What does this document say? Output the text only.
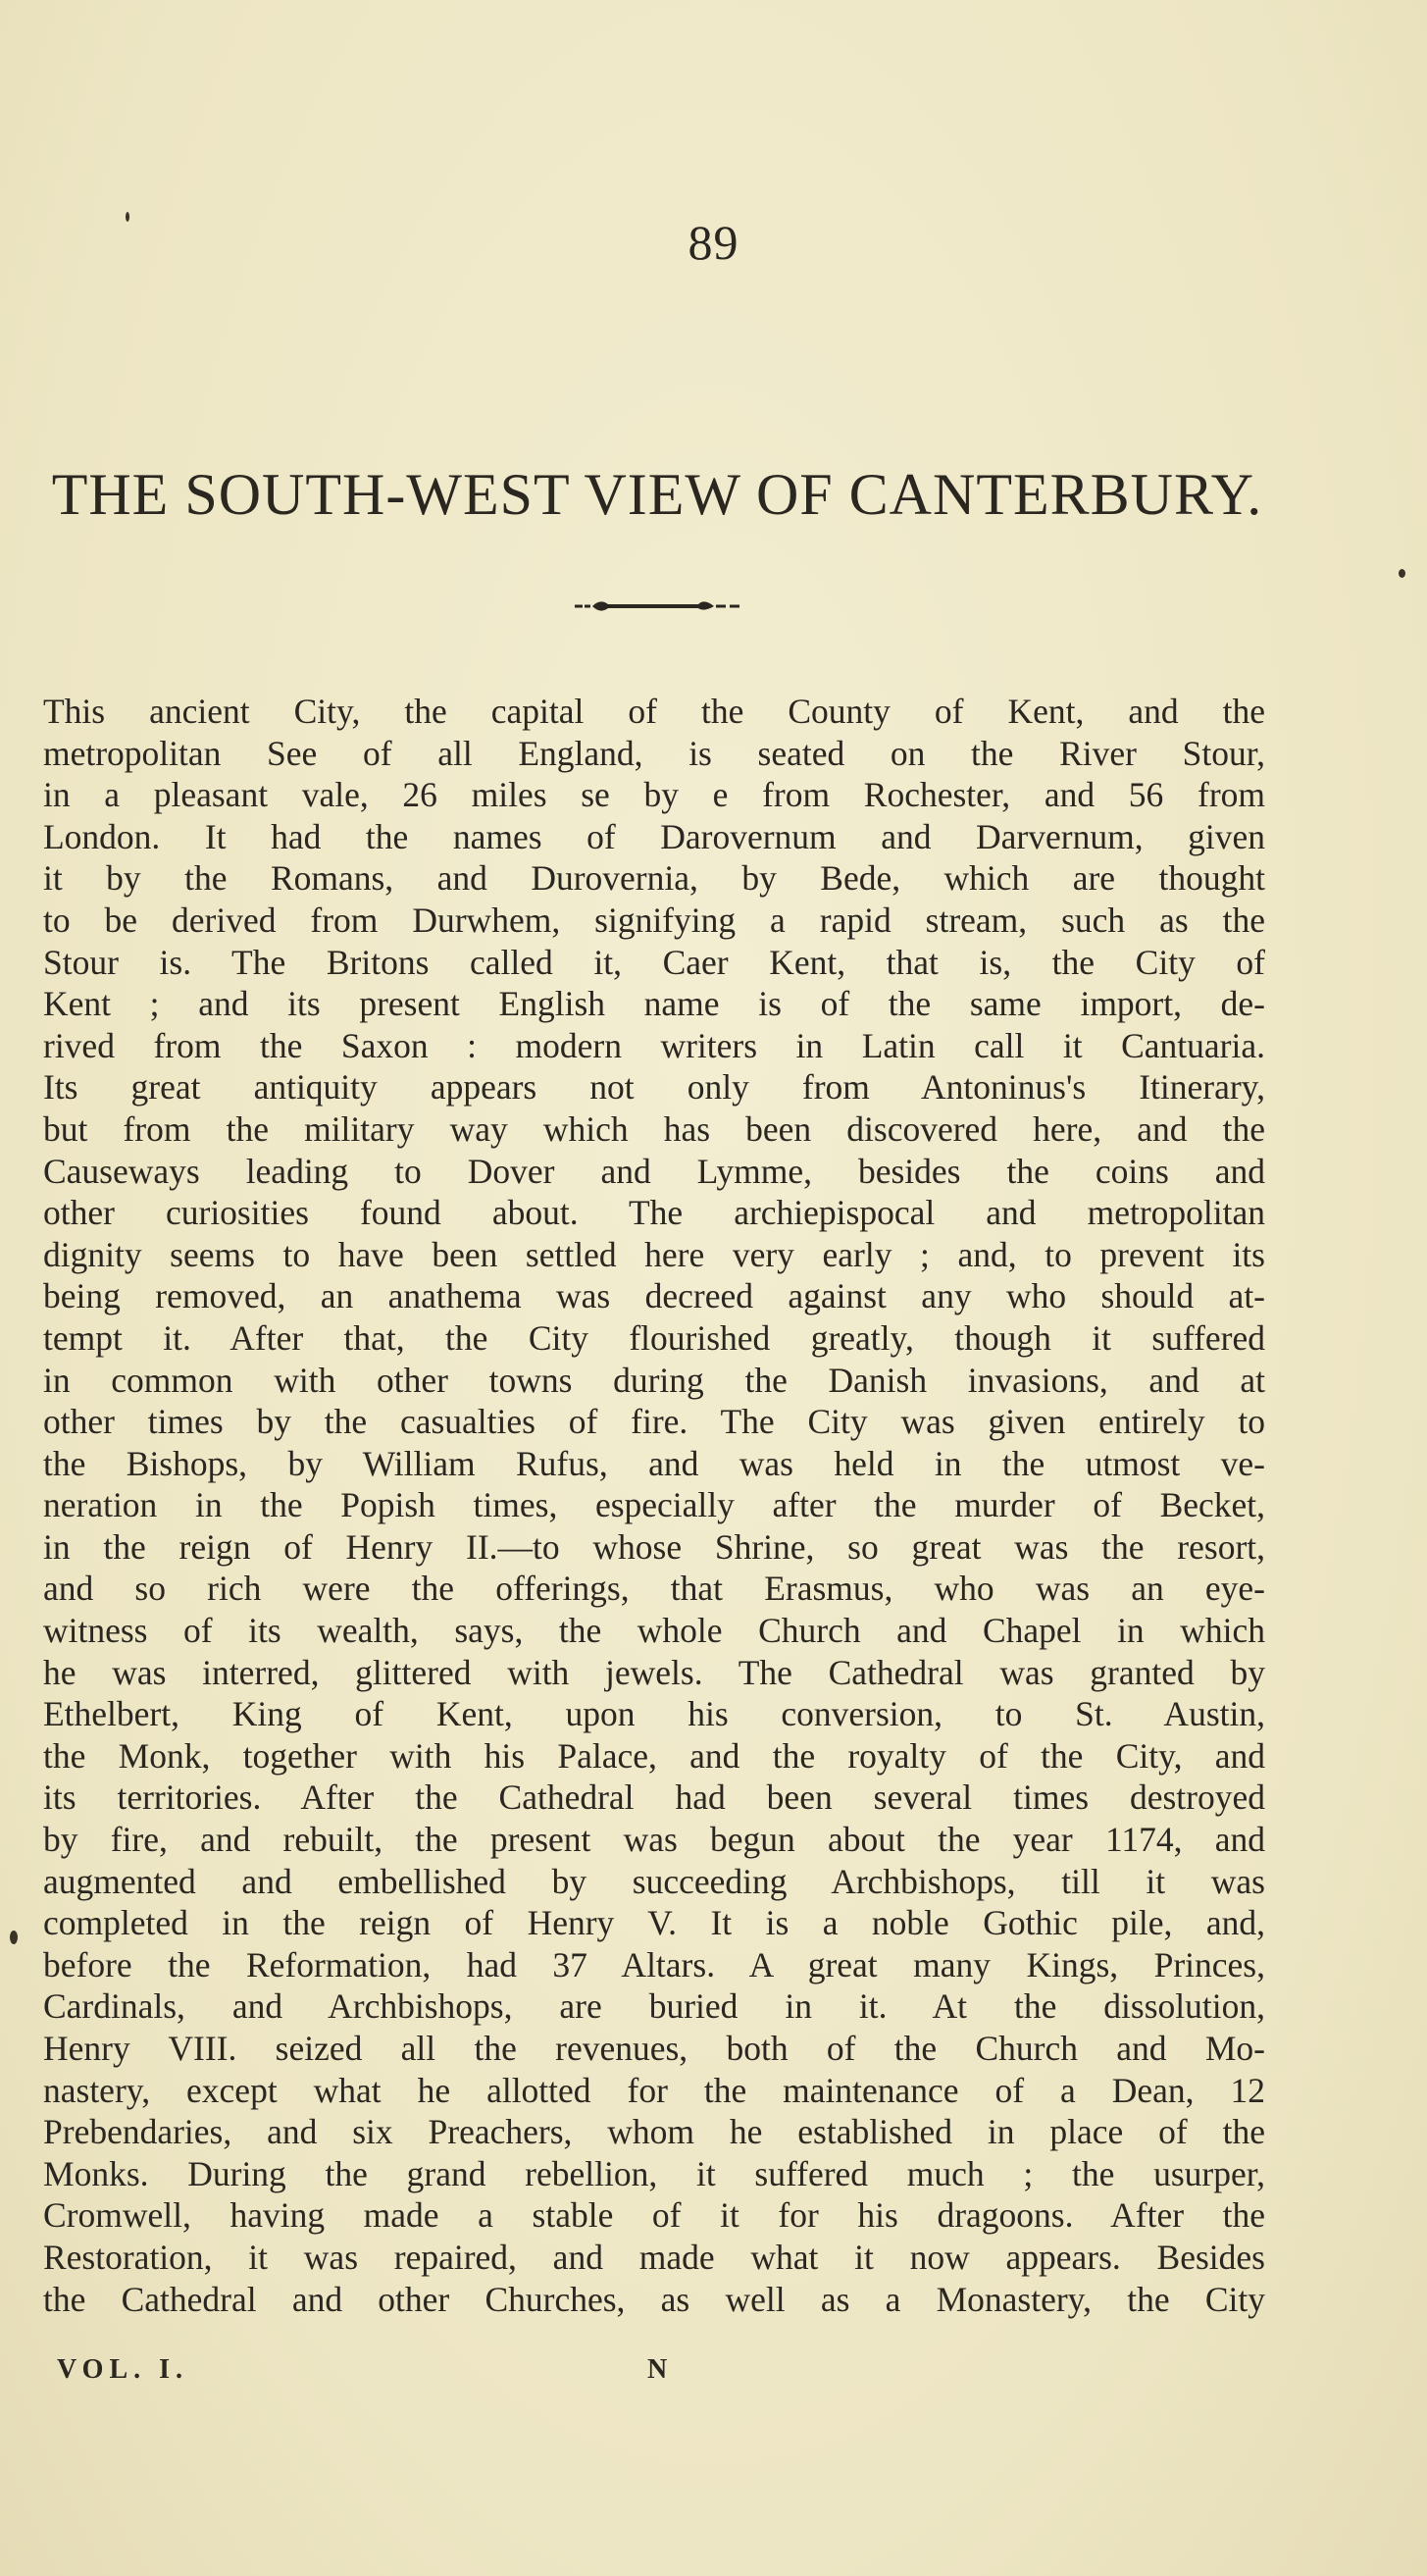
89
THE SOUTH-WEST VIEW OF CANTERBURY.
This ancient City, the capital of the County of Kent, and the
metropolitan See of all England, is seated on the River Stour,
in a pleasant vale, 26 miles se by e from Rochester, and 56 from
London. It had the names of Darovernum and Darvernum, given
it by the Romans, and Durovernia, by Bede, which are thought
to be derived from Durwhem, signifying a rapid stream, such as the
Stour is. The Britons called it, Caer Kent, that is, the City of
Kent ; and its present English name is of the same import, de-
rived from the Saxon : modern writers in Latin call it Cantuaria.
Its great antiquity appears not only from Antoninus's Itinerary,
but from the military way which has been discovered here, and the
Causeways leading to Dover and Lymme, besides the coins and
other curiosities found about. The archiepispocal and metropolitan
dignity seems to have been settled here very early ; and, to prevent its
being removed, an anathema was decreed against any who should at-
tempt it. After that, the City flourished greatly, though it suffered
in common with other towns during the Danish invasions, and at
other times by the casualties of fire. The City was given entirely to
the Bishops, by William Rufus, and was held in the utmost ve-
neration in the Popish times, especially after the murder of Becket,
in the reign of Henry II.—to whose Shrine, so great was the resort,
and so rich were the offerings, that Erasmus, who was an eye-
witness of its wealth, says, the whole Church and Chapel in which
he was interred, glittered with jewels. The Cathedral was granted by
Ethelbert, King of Kent, upon his conversion, to St. Austin,
the Monk, together with his Palace, and the royalty of the City, and
its territories. After the Cathedral had been several times destroyed
by fire, and rebuilt, the present was begun about the year 1174, and
augmented and embellished by succeeding Archbishops, till it was
completed in the reign of Henry V. It is a noble Gothic pile, and,
before the Reformation, had 37 Altars. A great many Kings, Princes,
Cardinals, and Archbishops, are buried in it. At the dissolution,
Henry VIII. seized all the revenues, both of the Church and Mo-
nastery, except what he allotted for the maintenance of a Dean, 12
Prebendaries, and six Preachers, whom he established in place of the
Monks. During the grand rebellion, it suffered much ; the usurper,
Cromwell, having made a stable of it for his dragoons. After the
Restoration, it was repaired, and made what it now appears. Besides
the Cathedral and other Churches, as well as a Monastery, the City
VOL. I.	N
